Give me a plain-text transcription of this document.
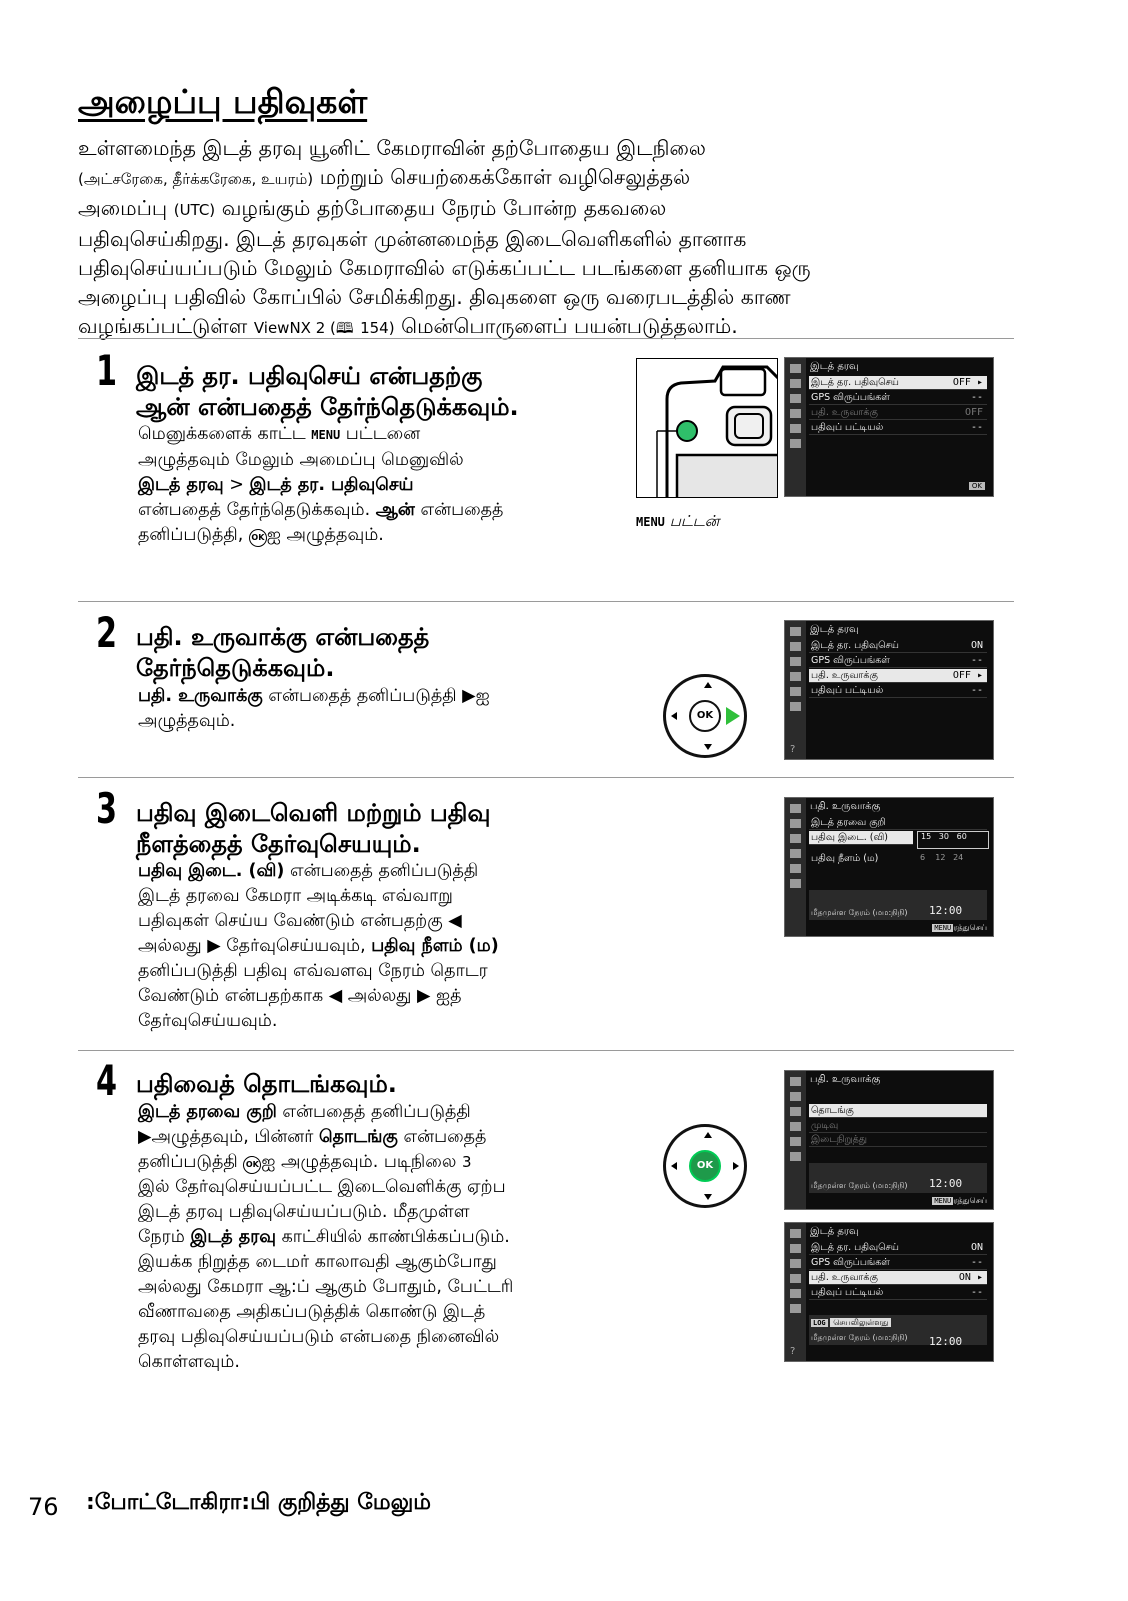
அழைப்பு பதிவுகள்
உள்ளமைந்த இடத் தரவு யூனிட் கேமராவின் தற்போதைய இடநிலை
(அட்சரேகை, தீர்க்கரேகை, உயரம்) மற்றும் செயற்கைக்கோள் வழிசெலுத்தல்
அமைப்பு (UTC) வழங்கும் தற்போதைய நேரம் போன்ற தகவலை
பதிவுசெய்கிறது. இடத் தரவுகள் முன்னமைந்த இடைவெளிகளில் தானாக
பதிவுசெய்யப்படும் மேலும் கேமராவில் எடுக்கப்பட்ட படங்களை தனியாக ஒரு
அழைப்பு பதிவில் கோப்பில் சேமிக்கிறது. திவுகளை ஒரு வரைபடத்தில் காண
வழங்கப்பட்டுள்ள ViewNX 2 (🕮 154) மென்பொருளைப் பயன்படுத்தலாம்.
1 இடத் தர. பதிவுசெய் என்பதற்கு
ஆன் என்பதைத் தேர்ந்தெடுக்கவும்.
மெனுக்களைக் காட்ட MENU பட்டனை
அழுத்தவும் மேலும் அமைப்பு மெனுவில்
இடத் தரவு > இடத் தர. பதிவுசெய்
என்பதைத் தேர்ந்தெடுக்கவும். ஆன் என்பதைத்
தனிப்படுத்தி, OK ஐ அழுத்தவும்.
MENU பட்டன்
இடத் தரவு
இடத் தர. பதிவுசெய்	OFF ▸
GPS விருப்பங்கள்	--
பதி. உருவாக்கு	OFF
பதிவுப் பட்டியல்	--
OK
2 பதி. உருவாக்கு என்பதைத்
தேர்ந்தெடுக்கவும்.
பதி. உருவாக்கு என்பதைத் தனிப்படுத்தி ▶ஐ
அழுத்தவும்.	OK
இடத் தரவு
இடத் தர. பதிவுசெய்	ON
GPS விருப்பங்கள்	--
பதி. உருவாக்கு	OFF ▸
பதிவுப் பட்டியல்	--
?
3 பதிவு இடைவெளி மற்றும் பதிவு
நீளத்தைத் தேர்வுசெயயும்.
பதிவு இடை. (வி) என்பதைத் தனிப்படுத்தி
இடத் தரவை கேமரா அடிக்கடி எவ்வாறு
பதிவுகள் செய்ய வேண்டும் என்பதற்கு ◀
அல்லது ▶ தேர்வுசெய்யவும், பதிவு நீளம் (ம)
தனிப்படுத்தி பதிவு எவ்வளவு நேரம் தொடர
வேண்டும் என்பதற்காக ◀ அல்லது ▶ ஐத்
தேர்வுசெய்யவும்.
பதி. உருவாக்கு
இடத் தரவை குறி
பதிவு இடை. (வி)	15   30   60
பதிவு நீளம் (ம)	6    12   24
மீதமுள்ள நேரம் (மம:நிநி) 12:00
MENU ரத்துசெய்
4 பதிவைத் தொடங்கவும்.
இடத் தரவை குறி என்பதைத் தனிப்படுத்தி
▶அழுத்தவும், பின்னர் தொடங்கு என்பதைத்
தனிப்படுத்தி OK ஐ அழுத்தவும். படிநிலை 3
இல் தேர்வுசெய்யப்பட்ட இடைவெளிக்கு ஏற்ப
இடத் தரவு பதிவுசெய்யப்படும். மீதமுள்ள
நேரம் இடத் தரவு காட்சியில் காண்பிக்கப்படும்.
இயக்க நிறுத்த டைமர் காலாவதி ஆகும்போது
அல்லது கேமரா ஆ:ப் ஆகும் போதும், பேட்டரி
வீணாவதை அதிகப்படுத்திக் கொண்டு இடத்
தரவு பதிவுசெய்யப்படும் என்பதை நினைவில்
கொள்ளவும்.
OK
பதி. உருவாக்கு
தொடங்கு
முடிவு
இடைநிறுத்து
மீதமுள்ள நேரம் (மம:நிநி) 12:00
MENU ரத்துசெய்
இடத் தரவு
இடத் தர. பதிவுசெய்	ON
GPS விருப்பங்கள்	--
பதி. உருவாக்கு	ON ▸
பதிவுப் பட்டியல்	--
LOG செயலிலுள்ளது
மீதமுள்ள நேரம் (மம:நிநி) 12:00
?
76 :போட்டோகிரா:பி குறித்து மேலும்
